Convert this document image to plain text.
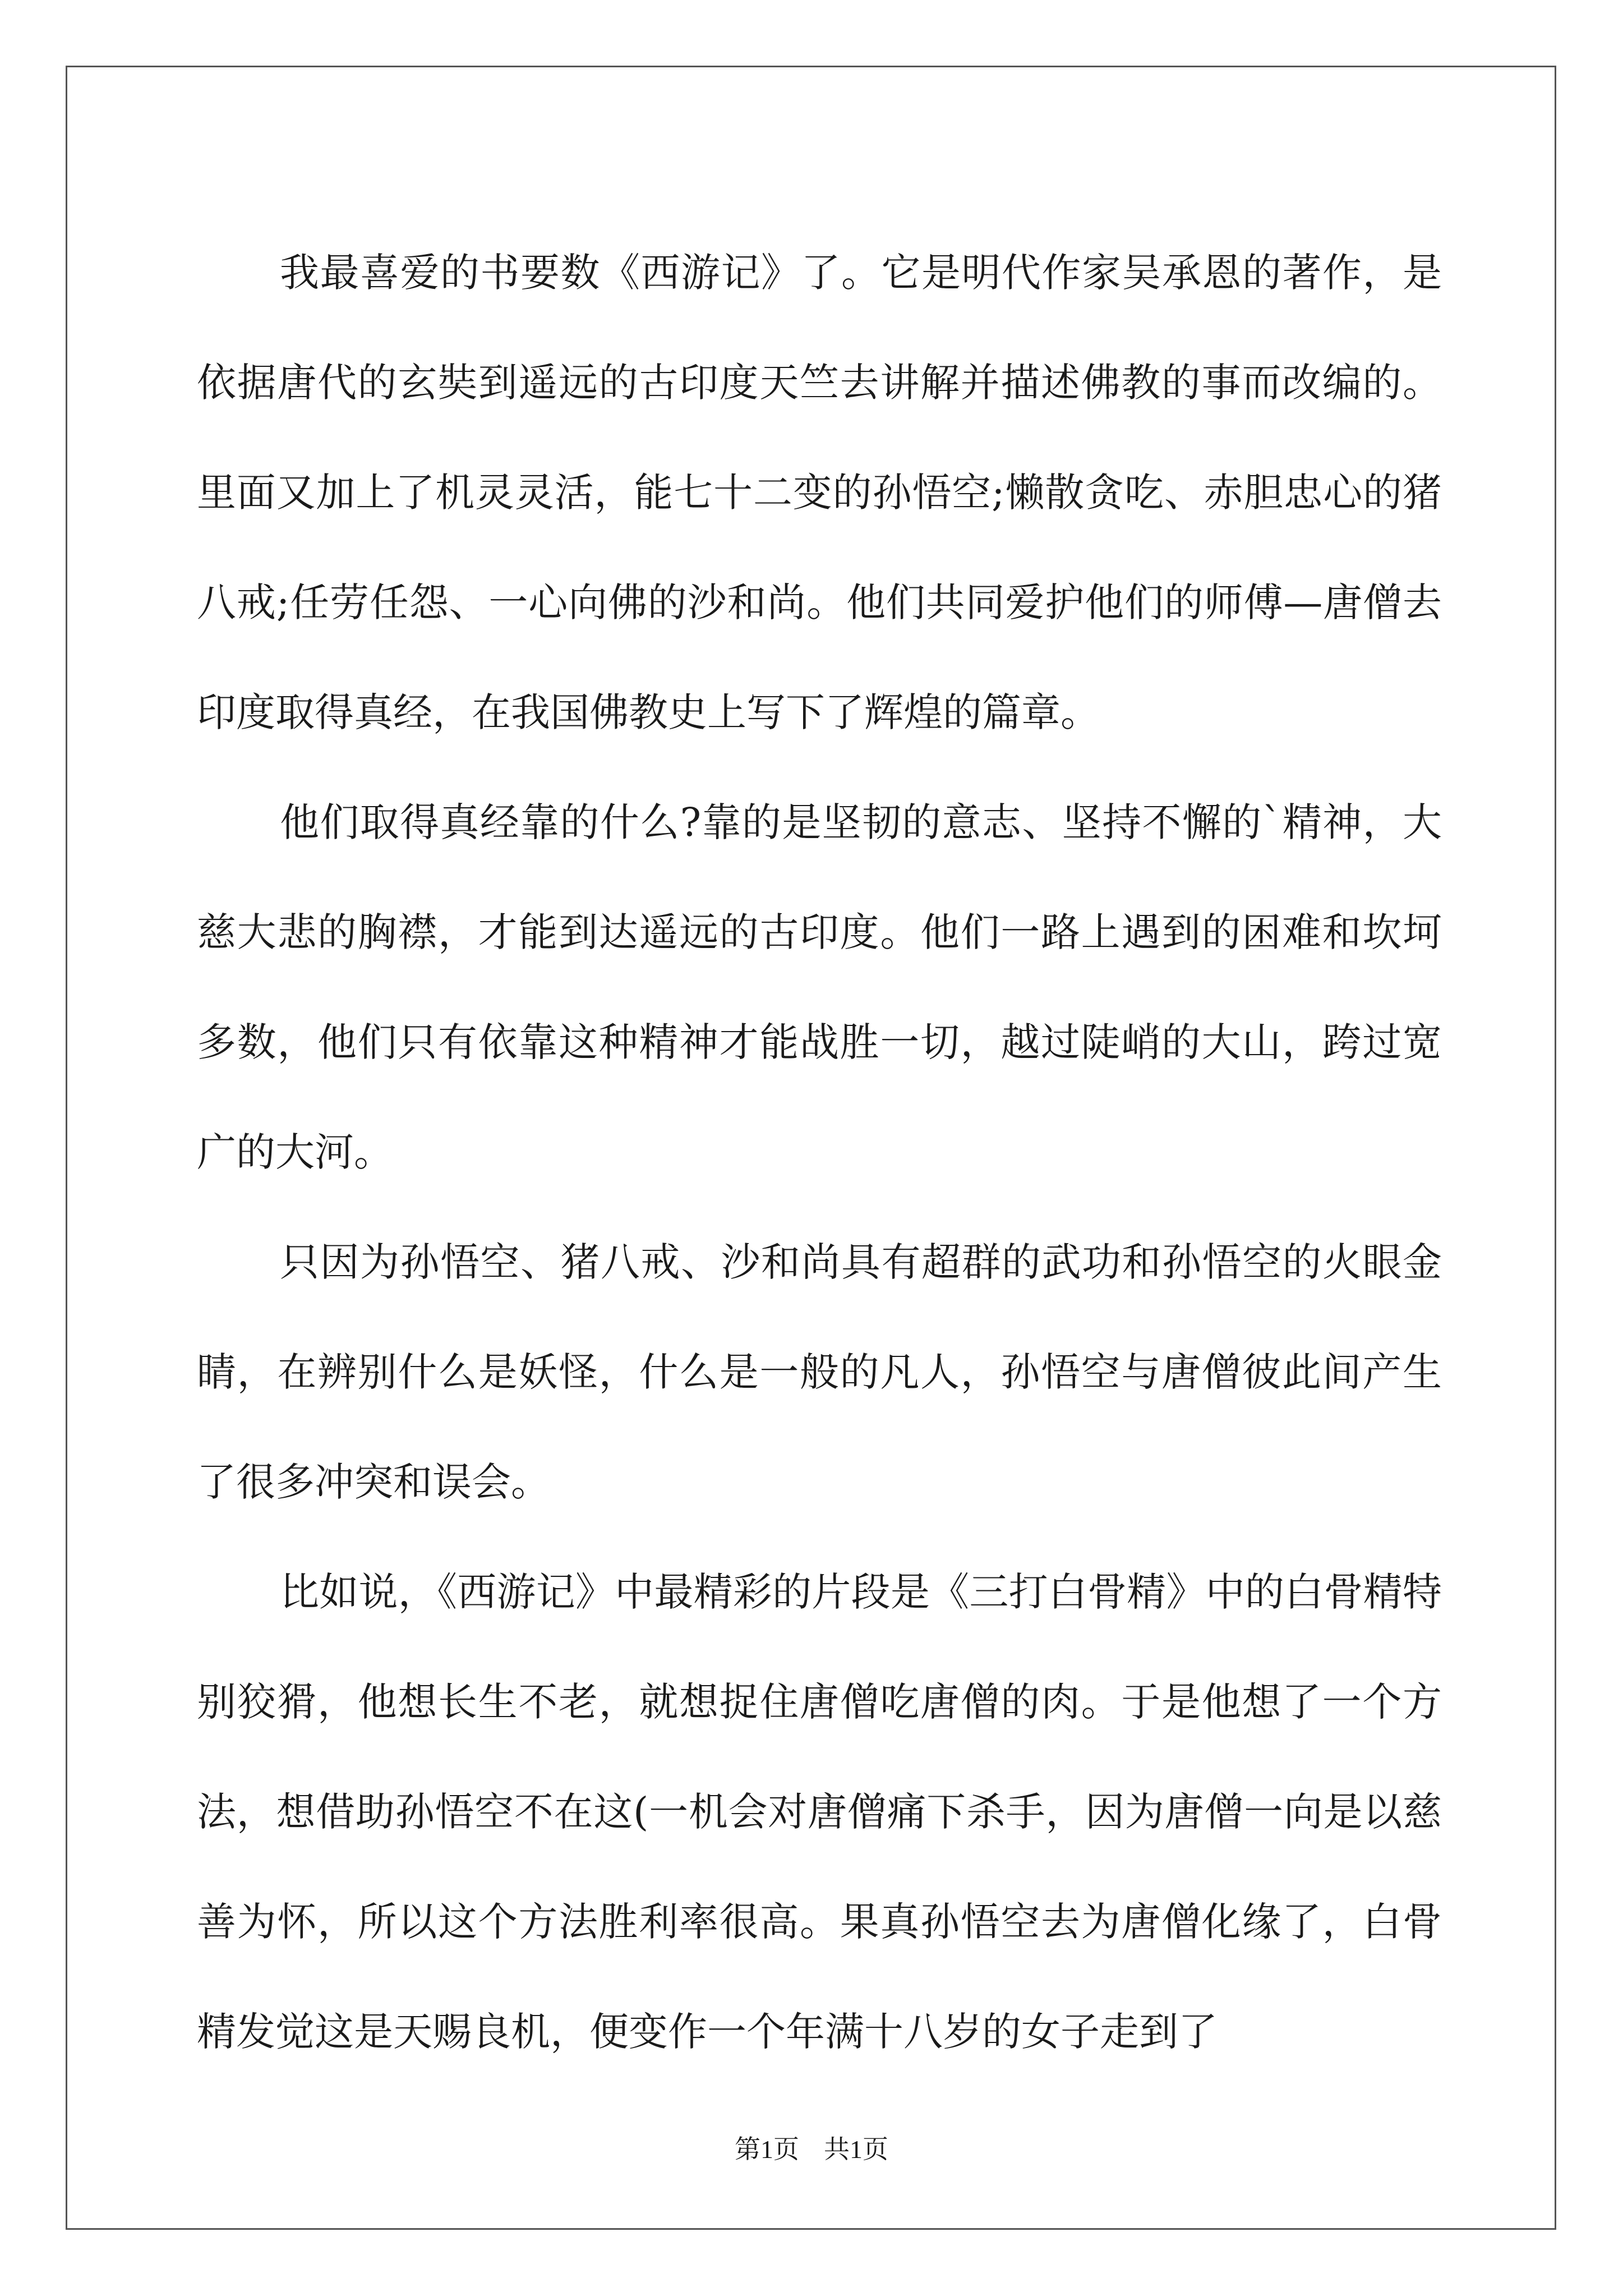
我最喜爱的书要数《西游记》了。它是明代作家吴承恩的著作，是依据唐代的玄奘到遥远的古印度天竺去讲解并描述佛教的事而改编的。里面又加上了机灵灵活，能七十二变的孙悟空;懒散贪吃、赤胆忠心的猪八戒;任劳任怨、一心向佛的沙和尚。他们共同爱护他们的师傅—唐僧去印度取得真经，在我国佛教史上写下了辉煌的篇章。

他们取得真经靠的什么?靠的是坚韧的意志、坚持不懈的`精神，大慈大悲的胸襟，才能到达遥远的古印度。他们一路上遇到的困难和坎坷多数，他们只有依靠这种精神才能战胜一切，越过陡峭的大山，跨过宽广的大河。

只因为孙悟空、猪八戒、沙和尚具有超群的武功和孙悟空的火眼金睛，在辨别什么是妖怪，什么是一般的凡人，孙悟空与唐僧彼此间产生了很多冲突和误会。

比如说，《西游记》中最精彩的片段是《三打白骨精》中的白骨精特别狡猾，他想长生不老，就想捉住唐僧吃唐僧的肉。于是他想了一个方法，想借助孙悟空不在这(一机会对唐僧痛下杀手，因为唐僧一向是以慈善为怀，所以这个方法胜利率很高。果真孙悟空去为唐僧化缘了，白骨精发觉这是天赐良机，便变作一个年满十八岁的女子走到了

第1页 共1页
